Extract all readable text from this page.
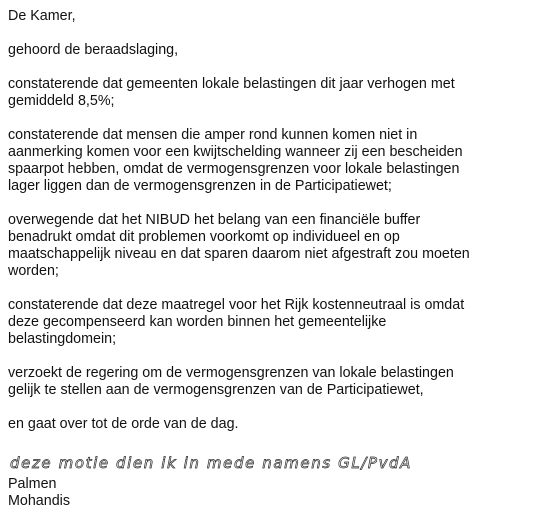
De Kamer,

gehoord de beraadslaging,

constaterende dat gemeenten lokale belastingen dit jaar verhogen met
gemiddeld 8,5%;

constaterende dat mensen die amper rond kunnen komen niet in
aanmerking komen voor een kwijtschelding wanneer zij een bescheiden
spaarpot hebben, omdat de vermogensgrenzen voor lokale belastingen
lager liggen dan de vermogensgrenzen in de Participatiewet;

overwegende dat het NIBUD het belang van een financiële buffer
benadrukt omdat dit problemen voorkomt op individueel en op
maatschappelijk niveau en dat sparen daarom niet afgestraft zou moeten
worden;

constaterende dat deze maatregel voor het Rijk kostenneutraal is omdat
deze gecompenseerd kan worden binnen het gemeentelijke
belastingdomein;

verzoekt de regering om de vermogensgrenzen van lokale belastingen
gelijk te stellen aan de vermogensgrenzen van de Participatiewet,

en gaat over tot de orde van de dag.

deze motie dien ik in mede namens GL/PvdA
Palmen
Mohandis
